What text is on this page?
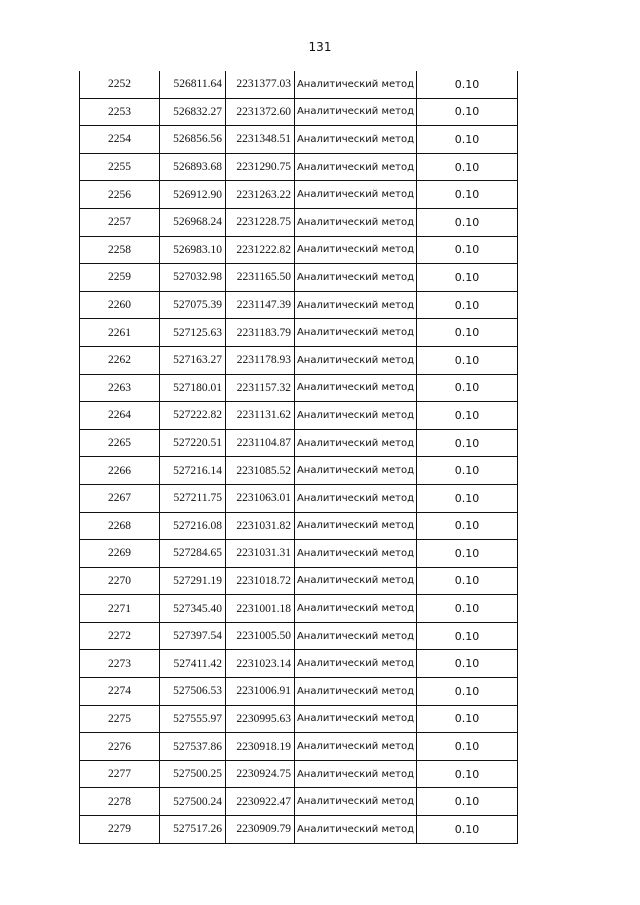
131
2252	526811.64	2231377.03	Аналитический метод	0.10
2253	526832.27	2231372.60	Аналитический метод	0.10
2254	526856.56	2231348.51	Аналитический метод	0.10
2255	526893.68	2231290.75	Аналитический метод	0.10
2256	526912.90	2231263.22	Аналитический метод	0.10
2257	526968.24	2231228.75	Аналитический метод	0.10
2258	526983.10	2231222.82	Аналитический метод	0.10
2259	527032.98	2231165.50	Аналитический метод	0.10
2260	527075.39	2231147.39	Аналитический метод	0.10
2261	527125.63	2231183.79	Аналитический метод	0.10
2262	527163.27	2231178.93	Аналитический метод	0.10
2263	527180.01	2231157.32	Аналитический метод	0.10
2264	527222.82	2231131.62	Аналитический метод	0.10
2265	527220.51	2231104.87	Аналитический метод	0.10
2266	527216.14	2231085.52	Аналитический метод	0.10
2267	527211.75	2231063.01	Аналитический метод	0.10
2268	527216.08	2231031.82	Аналитический метод	0.10
2269	527284.65	2231031.31	Аналитический метод	0.10
2270	527291.19	2231018.72	Аналитический метод	0.10
2271	527345.40	2231001.18	Аналитический метод	0.10
2272	527397.54	2231005.50	Аналитический метод	0.10
2273	527411.42	2231023.14	Аналитический метод	0.10
2274	527506.53	2231006.91	Аналитический метод	0.10
2275	527555.97	2230995.63	Аналитический метод	0.10
2276	527537.86	2230918.19	Аналитический метод	0.10
2277	527500.25	2230924.75	Аналитический метод	0.10
2278	527500.24	2230922.47	Аналитический метод	0.10
2279	527517.26	2230909.79	Аналитический метод	0.10
